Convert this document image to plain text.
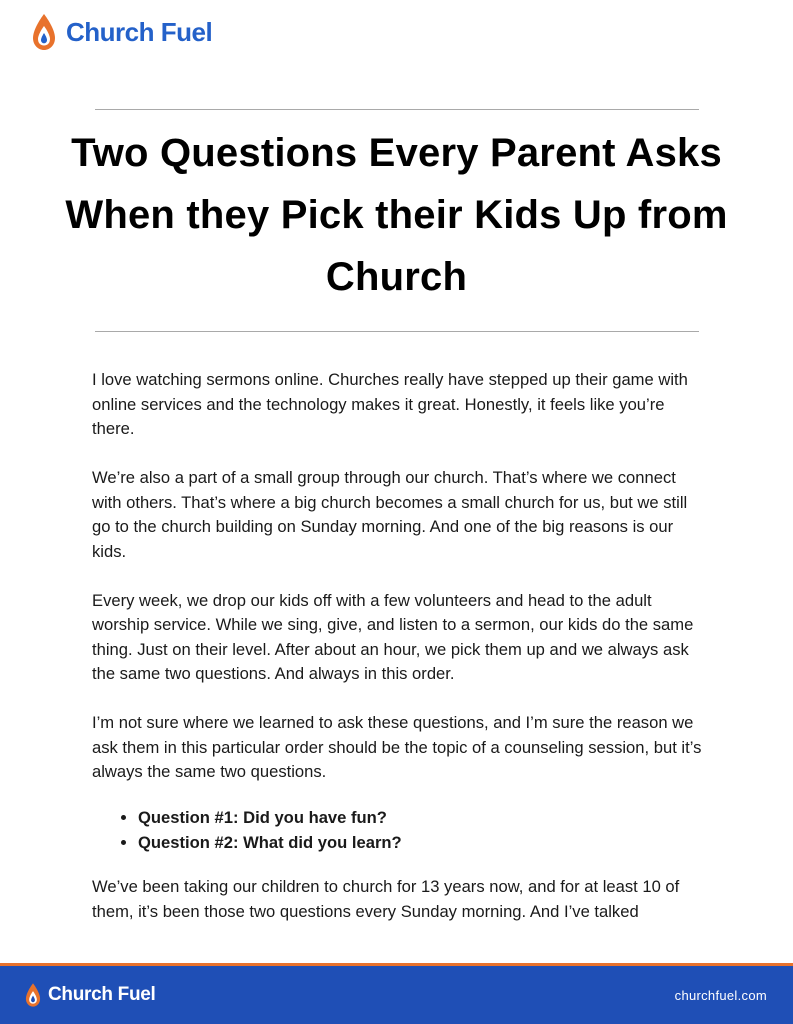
Church Fuel
Two Questions Every Parent Asks When they Pick their Kids Up from Church

I love watching sermons online. Churches really have stepped up their game with online services and the technology makes it great. Honestly, it feels like you’re there.

We’re also a part of a small group through our church. That’s where we connect with others. That’s where a big church becomes a small church for us, but we still go to the church building on Sunday morning. And one of the big reasons is our kids.

Every week, we drop our kids off with a few volunteers and head to the adult worship service. While we sing, give, and listen to a sermon, our kids do the same thing. Just on their level. After about an hour, we pick them up and we always ask the same two questions. And always in this order.

I’m not sure where we learned to ask these questions, and I’m sure the reason we ask them in this particular order should be the topic of a counseling session, but it’s always the same two questions.

• Question #1: Did you have fun?
• Question #2: What did you learn?

We’ve been taking our children to church for 13 years now, and for at least 10 of them, it’s been those two questions every Sunday morning. And I’ve talked

Church Fuel	churchfuel.com
